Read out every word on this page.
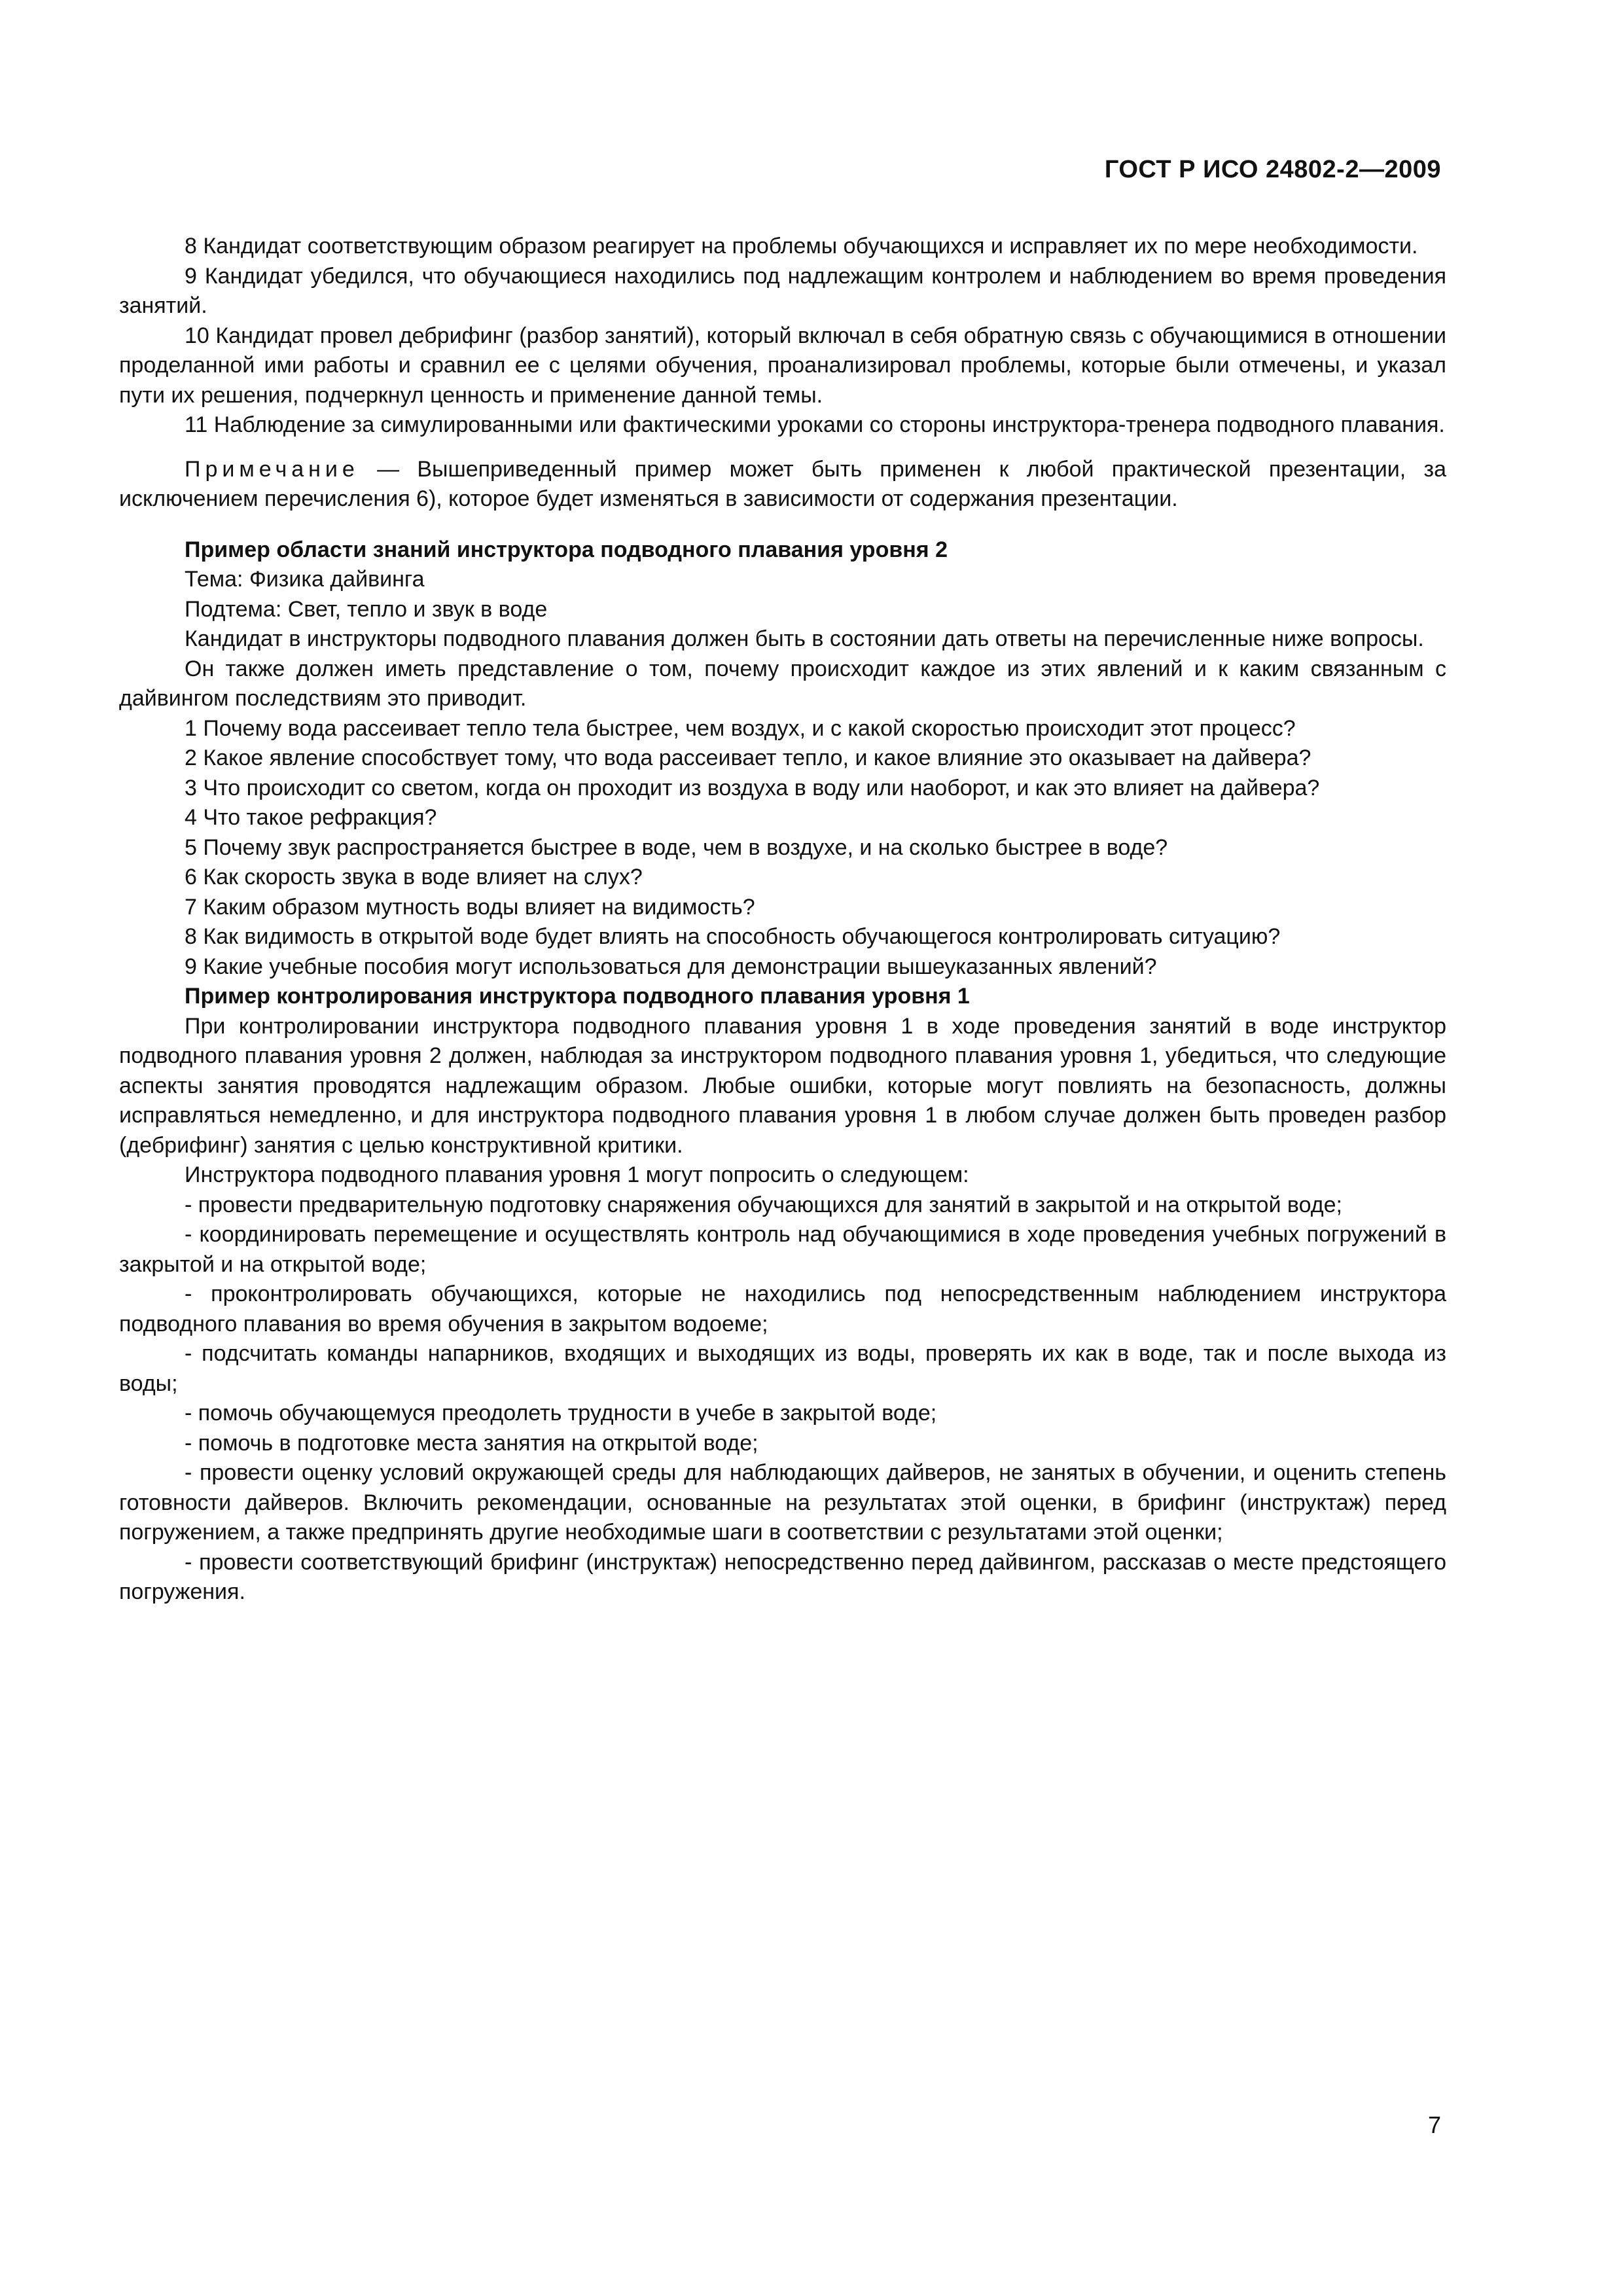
ГОСТ Р ИСО 24802-2—2009

8 Кандидат соответствующим образом реагирует на проблемы обучающихся и исправляет их по мере необходимости.

9 Кандидат убедился, что обучающиеся находились под надлежащим контролем и наблюдением во время проведения занятий.

10 Кандидат провел дебрифинг (разбор занятий), который включал в себя обратную связь с обучающимися в отношении проделанной ими работы и сравнил ее с целями обучения, проанализировал проблемы, которые были отмечены, и указал пути их решения, подчеркнул ценность и применение данной темы.

11 Наблюдение за симулированными или фактическими уроками со стороны инструктора-тренера подводного плавания.

Примечание — Вышеприведенный пример может быть применен к любой практической презентации, за исключением перечисления 6), которое будет изменяться в зависимости от содержания презентации.

Пример области знаний инструктора подводного плавания уровня 2

Тема: Физика дайвинга

Подтема: Свет, тепло и звук в воде

Кандидат в инструкторы подводного плавания должен быть в состоянии дать ответы на перечисленные ниже вопросы.

Он также должен иметь представление о том, почему происходит каждое из этих явлений и к каким связанным с дайвингом последствиям это приводит.

1 Почему вода рассеивает тепло тела быстрее, чем воздух, и с какой скоростью происходит этот процесс?

2 Какое явление способствует тому, что вода рассеивает тепло, и какое влияние это оказывает на дайвера?

3 Что происходит со светом, когда он проходит из воздуха в воду или наоборот, и как это влияет на дайвера?

4 Что такое рефракция?

5 Почему звук распространяется быстрее в воде, чем в воздухе, и на сколько быстрее в воде?

6 Как скорость звука в воде влияет на слух?

7 Каким образом мутность воды влияет на видимость?

8 Как видимость в открытой воде будет влиять на способность обучающегося контролировать ситуацию?

9 Какие учебные пособия могут использоваться для демонстрации вышеуказанных явлений?

Пример контролирования инструктора подводного плавания уровня 1

При контролировании инструктора подводного плавания уровня 1 в ходе проведения занятий в воде инструктор подводного плавания уровня 2 должен, наблюдая за инструктором подводного плавания уровня 1, убедиться, что следующие аспекты занятия проводятся надлежащим образом. Любые ошибки, которые могут повлиять на безопасность, должны исправляться немедленно, и для инструктора подводного плавания уровня 1 в любом случае должен быть проведен разбор (дебрифинг) занятия с целью конструктивной критики.

Инструктора подводного плавания уровня 1 могут попросить о следующем:

- провести предварительную подготовку снаряжения обучающихся для занятий в закрытой и на открытой воде;

- координировать перемещение и осуществлять контроль над обучающимися в ходе проведения учебных погружений в закрытой и на открытой воде;

- проконтролировать обучающихся, которые не находились под непосредственным наблюдением инструктора подводного плавания во время обучения в закрытом водоеме;

- подсчитать команды напарников, входящих и выходящих из воды, проверять их как в воде, так и после выхода из воды;

- помочь обучающемуся преодолеть трудности в учебе в закрытой воде;

- помочь в подготовке места занятия на открытой воде;

- провести оценку условий окружающей среды для наблюдающих дайверов, не занятых в обучении, и оценить степень готовности дайверов. Включить рекомендации, основанные на результатах этой оценки, в брифинг (инструктаж) перед погружением, а также предпринять другие необходимые шаги в соответствии с результатами этой оценки;

- провести соответствующий брифинг (инструктаж) непосредственно перед дайвингом, рассказав о месте предстоящего погружения.

7
